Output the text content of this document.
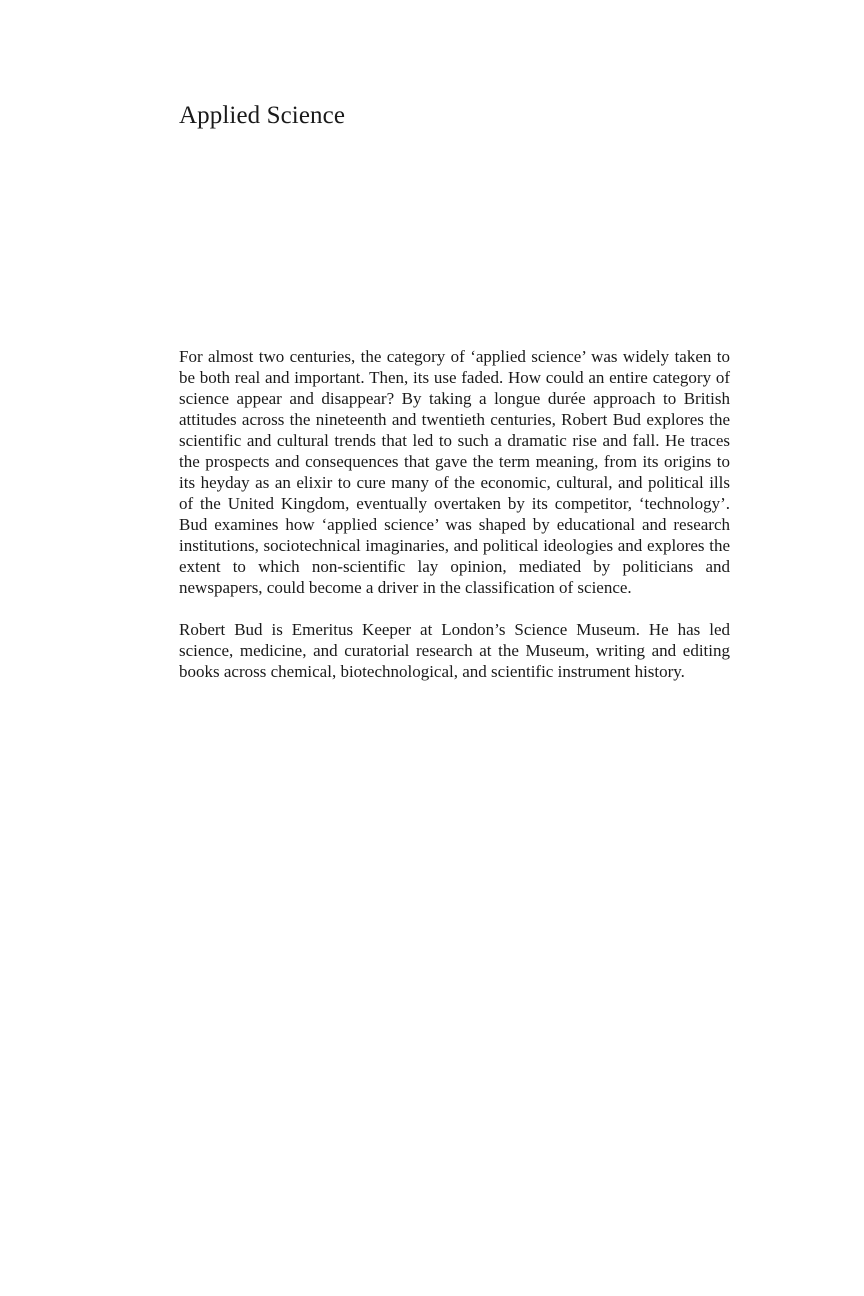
Applied Science

For almost two centuries, the category of ‘applied science’ was widely taken to be both real and important. Then, its use faded. How could an entire category of science appear and disappear? By taking a longue durée approach to British attitudes across the nineteenth and twentieth centuries, Robert Bud explores the scientific and cultural trends that led to such a dramatic rise and fall. He traces the prospects and consequences that gave the term meaning, from its origins to its heyday as an elixir to cure many of the economic, cultural, and political ills of the United Kingdom, eventually overtaken by its competitor, ‘technology’. Bud examines how ‘applied science’ was shaped by educational and research institutions, sociotechnical imaginaries, and political ideologies and explores the extent to which non-scientific lay opinion, mediated by politicians and newspapers, could become a driver in the classification of science.

Robert Bud is Emeritus Keeper at London’s Science Museum. He has led science, medicine, and curatorial research at the Museum, writing and editing books across chemical, biotechnological, and scientific instrument history.
